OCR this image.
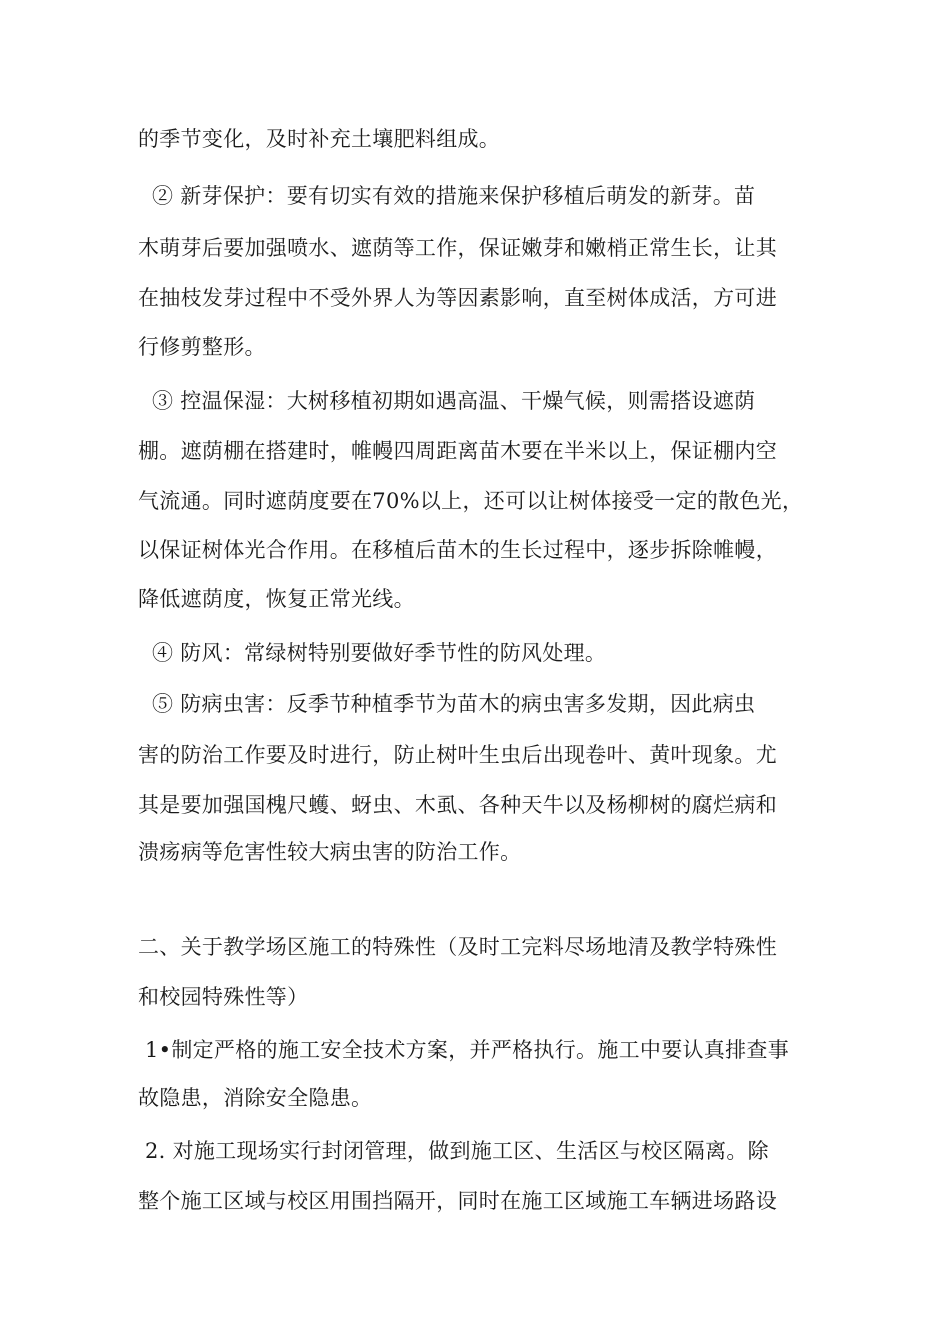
的季节变化，及时补充土壤肥料组成。
② 新芽保护：要有切实有效的措施来保护移植后萌发的新芽。苗
木萌芽后要加强喷水、遮荫等工作，保证嫩芽和嫩梢正常生长，让其
在抽枝发芽过程中不受外界人为等因素影响，直至树体成活，方可进
行修剪整形。
③ 控温保湿：大树移植初期如遇高温、干燥气候，则需搭设遮荫
棚。遮荫棚在搭建时，帷幔四周距离苗木要在半米以上，保证棚内空
气流通。同时遮荫度要在70%以上，还可以让树体接受一定的散色光，
以保证树体光合作用。在移植后苗木的生长过程中，逐步拆除帷幔，
降低遮荫度，恢复正常光线。
④ 防风：常绿树特别要做好季节性的防风处理。
⑤ 防病虫害：反季节种植季节为苗木的病虫害多发期，因此病虫
害的防治工作要及时进行，防止树叶生虫后出现卷叶、黄叶现象。尤
其是要加强国槐尺蠖、蚜虫、木虱、各种天牛以及杨柳树的腐烂病和
溃疡病等危害性较大病虫害的防治工作。
二、关于教学场区施工的特殊性（及时工完料尽场地清及教学特殊性
和校园特殊性等）
1•制定严格的施工安全技术方案，并严格执行。施工中要认真排查事
故隐患，消除安全隐患。
2. 对施工现场实行封闭管理，做到施工区、生活区与校区隔离。除
整个施工区域与校区用围挡隔开，同时在施工区域施工车辆进场路设
